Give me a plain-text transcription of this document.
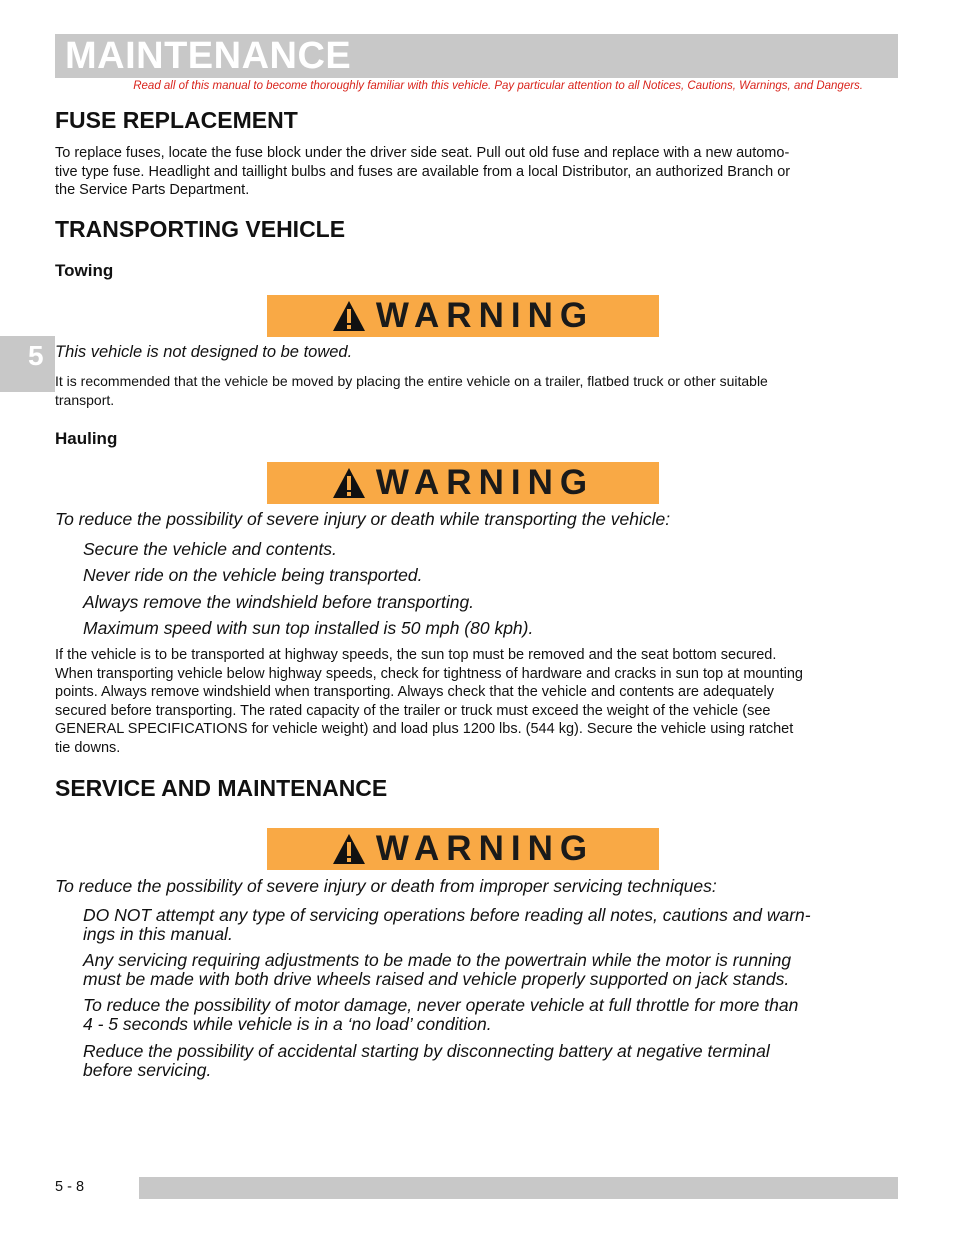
MAINTENANCE
Read all of this manual to become thoroughly familiar with this vehicle. Pay particular attention to all Notices, Cautions, Warnings, and Dangers.
5
FUSE REPLACEMENT
To replace fuses, locate the fuse block under the driver side seat. Pull out old fuse and replace with a new automo-
tive type fuse. Headlight and taillight bulbs and fuses are available from a local Distributor, an authorized Branch or
the Service Parts Department.
TRANSPORTING VEHICLE
Towing
WARNING
This vehicle is not designed to be towed.
It is recommended that the vehicle be moved by placing the entire vehicle on a trailer, flatbed truck or other suitable
transport.
Hauling
WARNING
To reduce the possibility of severe injury or death while transporting the vehicle:
Secure the vehicle and contents.
Never ride on the vehicle being transported.
Always remove the windshield before transporting.
Maximum speed with sun top installed is 50 mph (80 kph).
If the vehicle is to be transported at highway speeds, the sun top must be removed and the seat bottom secured.
When transporting vehicle below highway speeds, check for tightness of hardware and cracks in sun top at mounting
points. Always remove windshield when transporting. Always check that the vehicle and contents are adequately
secured before transporting. The rated capacity of the trailer or truck must exceed the weight of the vehicle (see
GENERAL SPECIFICATIONS for vehicle weight) and load plus 1200 lbs. (544 kg). Secure the vehicle using ratchet
tie downs.
SERVICE AND MAINTENANCE
WARNING
To reduce the possibility of severe injury or death from improper servicing techniques:
DO NOT attempt any type of servicing operations before reading all notes, cautions and warn-
ings in this manual.
Any servicing requiring adjustments to be made to the powertrain while the motor is running
must be made with both drive wheels raised and vehicle properly supported on jack stands.
To reduce the possibility of motor damage, never operate vehicle at full throttle for more than
4 - 5 seconds while vehicle is in a ‘no load’ condition.
Reduce the possibility of accidental starting by disconnecting battery at negative terminal
before servicing.
5 - 8
